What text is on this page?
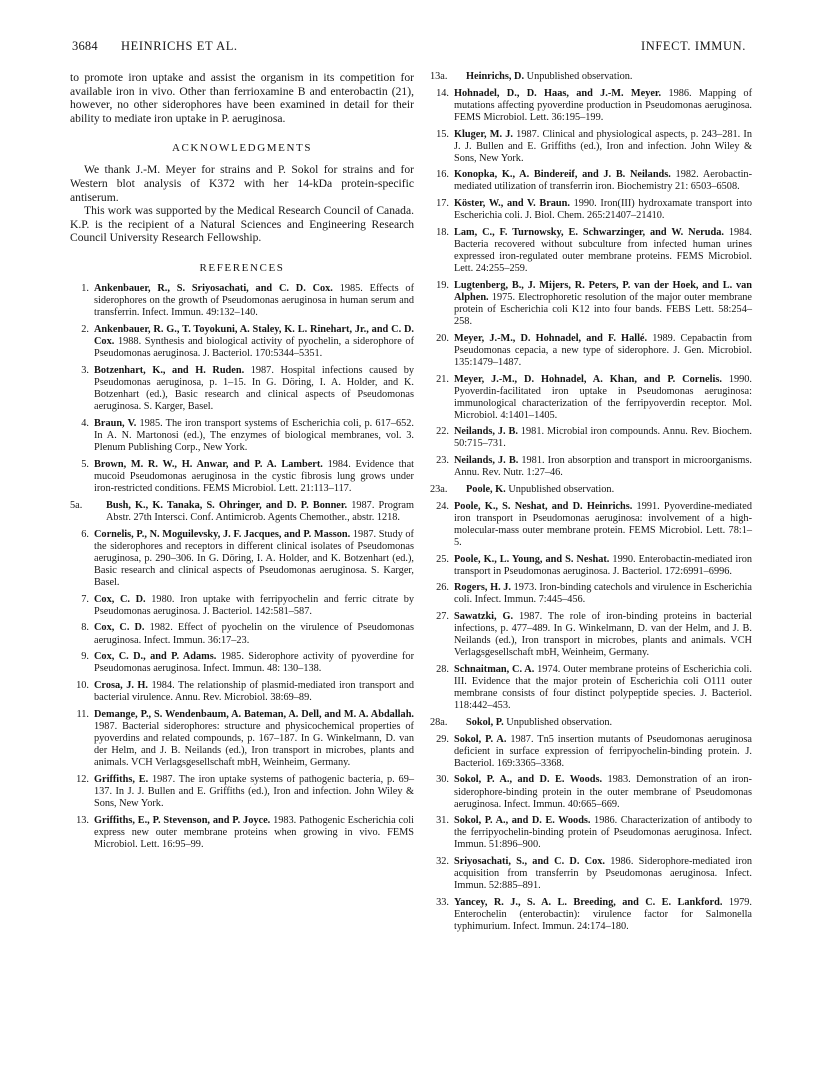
3684 HEINRICHS ET AL.	INFECT. IMMUN.

to promote iron uptake and assist the organism in its competition for available iron in vivo. Other than ferrioxamine B and enterobactin (21), however, no other siderophores have been examined in detail for their ability to mediate iron uptake in P. aeruginosa.

ACKNOWLEDGMENTS

We thank J.-M. Meyer for strains and P. Sokol for strains and for Western blot analysis of K372 with her 14-kDa protein-specific antiserum.

This work was supported by the Medical Research Council of Canada. K.P. is the recipient of a Natural Sciences and Engineering Research Council University Research Fellowship.

REFERENCES
1. Ankenbauer, R., S. Sriyosachati, and C. D. Cox. 1985. Effects of siderophores on the growth of Pseudomonas aeruginosa in human serum and transferrin. Infect. Immun. 49:132–140.
2. Ankenbauer, R. G., T. Toyokuni, A. Staley, K. L. Rinehart, Jr., and C. D. Cox. 1988. Synthesis and biological activity of pyochelin, a siderophore of Pseudomonas aeruginosa. J. Bacteriol. 170:5344–5351.
3. Botzenhart, K., and H. Ruden. 1987. Hospital infections caused by Pseudomonas aeruginosa, p. 1–15. In G. Döring, I. A. Holder, and K. Botzenhart (ed.), Basic research and clinical aspects of Pseudomonas aeruginosa. S. Karger, Basel.
4. Braun, V. 1985. The iron transport systems of Escherichia coli, p. 617–652. In A. N. Martonosi (ed.), The enzymes of biological membranes, vol. 3. Plenum Publishing Corp., New York.
5. Brown, M. R. W., H. Anwar, and P. A. Lambert. 1984. Evidence that mucoid Pseudomonas aeruginosa in the cystic fibrosis lung grows under iron-restricted conditions. FEMS Microbiol. Lett. 21:113–117.
5a. Bush, K., K. Tanaka, S. Ohringer, and D. P. Bonner. 1987. Program Abstr. 27th Intersci. Conf. Antimicrob. Agents Chemother., abstr. 1218.
6. Cornelis, P., N. Moguilevsky, J. F. Jacques, and P. Masson. 1987. Study of the siderophores and receptors in different clinical isolates of Pseudomonas aeruginosa, p. 290–306. In G. Döring, I. A. Holder, and K. Botzenhart (ed.), Basic research and clinical aspects of Pseudomonas aeruginosa. S. Karger, Basel.
7. Cox, C. D. 1980. Iron uptake with ferripyochelin and ferric citrate by Pseudomonas aeruginosa. J. Bacteriol. 142:581–587.
8. Cox, C. D. 1982. Effect of pyochelin on the virulence of Pseudomonas aeruginosa. Infect. Immun. 36:17–23.
9. Cox, C. D., and P. Adams. 1985. Siderophore activity of pyoverdine for Pseudomonas aeruginosa. Infect. Immun. 48: 130–138.
10. Crosa, J. H. 1984. The relationship of plasmid-mediated iron transport and bacterial virulence. Annu. Rev. Microbiol. 38:69–89.
11. Demange, P., S. Wendenbaum, A. Bateman, A. Dell, and M. A. Abdallah. 1987. Bacterial siderophores: structure and physicochemical properties of pyoverdins and related compounds, p. 167–187. In G. Winkelmann, D. van der Helm, and J. B. Neilands (ed.), Iron transport in microbes, plants and animals. VCH Verlagsgesellschaft mbH, Weinheim, Germany.
12. Griffiths, E. 1987. The iron uptake systems of pathogenic bacteria, p. 69–137. In J. J. Bullen and E. Griffiths (ed.), Iron and infection. John Wiley & Sons, New York.
13. Griffiths, E., P. Stevenson, and P. Joyce. 1983. Pathogenic Escherichia coli express new outer membrane proteins when growing in vivo. FEMS Microbiol. Lett. 16:95–99.
13a. Heinrichs, D. Unpublished observation.
14. Hohnadel, D., D. Haas, and J.-M. Meyer. 1986. Mapping of mutations affecting pyoverdine production in Pseudomonas aeruginosa. FEMS Microbiol. Lett. 36:195–199.
15. Kluger, M. J. 1987. Clinical and physiological aspects, p. 243–281. In J. J. Bullen and E. Griffiths (ed.), Iron and infection. John Wiley & Sons, New York.
16. Konopka, K., A. Bindereif, and J. B. Neilands. 1982. Aerobactin-mediated utilization of transferrin iron. Biochemistry 21: 6503–6508.
17. Köster, W., and V. Braun. 1990. Iron(III) hydroxamate transport into Escherichia coli. J. Biol. Chem. 265:21407–21410.
18. Lam, C., F. Turnowsky, E. Schwarzinger, and W. Neruda. 1984. Bacteria recovered without subculture from infected human urines expressed iron-regulated outer membrane proteins. FEMS Microbiol. Lett. 24:255–259.
19. Lugtenberg, B., J. Mijers, R. Peters, P. van der Hoek, and L. van Alphen. 1975. Electrophoretic resolution of the major outer membrane protein of Escherichia coli K12 into four bands. FEBS Lett. 58:254–258.
20. Meyer, J.-M., D. Hohnadel, and F. Hallé. 1989. Cepabactin from Pseudomonas cepacia, a new type of siderophore. J. Gen. Microbiol. 135:1479–1487.
21. Meyer, J.-M., D. Hohnadel, A. Khan, and P. Cornelis. 1990. Pyoverdin-facilitated iron uptake in Pseudomonas aeruginosa: immunological characterization of the ferripyoverdin receptor. Mol. Microbiol. 4:1401–1405.
22. Neilands, J. B. 1981. Microbial iron compounds. Annu. Rev. Biochem. 50:715–731.
23. Neilands, J. B. 1981. Iron absorption and transport in microorganisms. Annu. Rev. Nutr. 1:27–46.
23a. Poole, K. Unpublished observation.
24. Poole, K., S. Neshat, and D. Heinrichs. 1991. Pyoverdine-mediated iron transport in Pseudomonas aeruginosa: involvement of a high-molecular-mass outer membrane protein. FEMS Microbiol. Lett. 78:1–5.
25. Poole, K., L. Young, and S. Neshat. 1990. Enterobactin-mediated iron transport in Pseudomonas aeruginosa. J. Bacteriol. 172:6991–6996.
26. Rogers, H. J. 1973. Iron-binding catechols and virulence in Escherichia coli. Infect. Immun. 7:445–456.
27. Sawatzki, G. 1987. The role of iron-binding proteins in bacterial infections, p. 477–489. In G. Winkelmann, D. van der Helm, and J. B. Neilands (ed.), Iron transport in microbes, plants and animals. VCH Verlagsgesellschaft mbH, Weinheim, Germany.
28. Schnaitman, C. A. 1974. Outer membrane proteins of Escherichia coli. III. Evidence that the major protein of Escherichia coli O111 outer membrane consists of four distinct polypeptide species. J. Bacteriol. 118:442–453.
28a. Sokol, P. Unpublished observation.
29. Sokol, P. A. 1987. Tn5 insertion mutants of Pseudomonas aeruginosa deficient in surface expression of ferripyochelin-binding protein. J. Bacteriol. 169:3365–3368.
30. Sokol, P. A., and D. E. Woods. 1983. Demonstration of an iron-siderophore-binding protein in the outer membrane of Pseudomonas aeruginosa. Infect. Immun. 40:665–669.
31. Sokol, P. A., and D. E. Woods. 1986. Characterization of antibody to the ferripyochelin-binding protein of Pseudomonas aeruginosa. Infect. Immun. 51:896–900.
32. Sriyosachati, S., and C. D. Cox. 1986. Siderophore-mediated iron acquisition from transferrin by Pseudomonas aeruginosa. Infect. Immun. 52:885–891.
33. Yancey, R. J., S. A. L. Breeding, and C. E. Lankford. 1979. Enterochelin (enterobactin): virulence factor for Salmonella typhimurium. Infect. Immun. 24:174–180.
